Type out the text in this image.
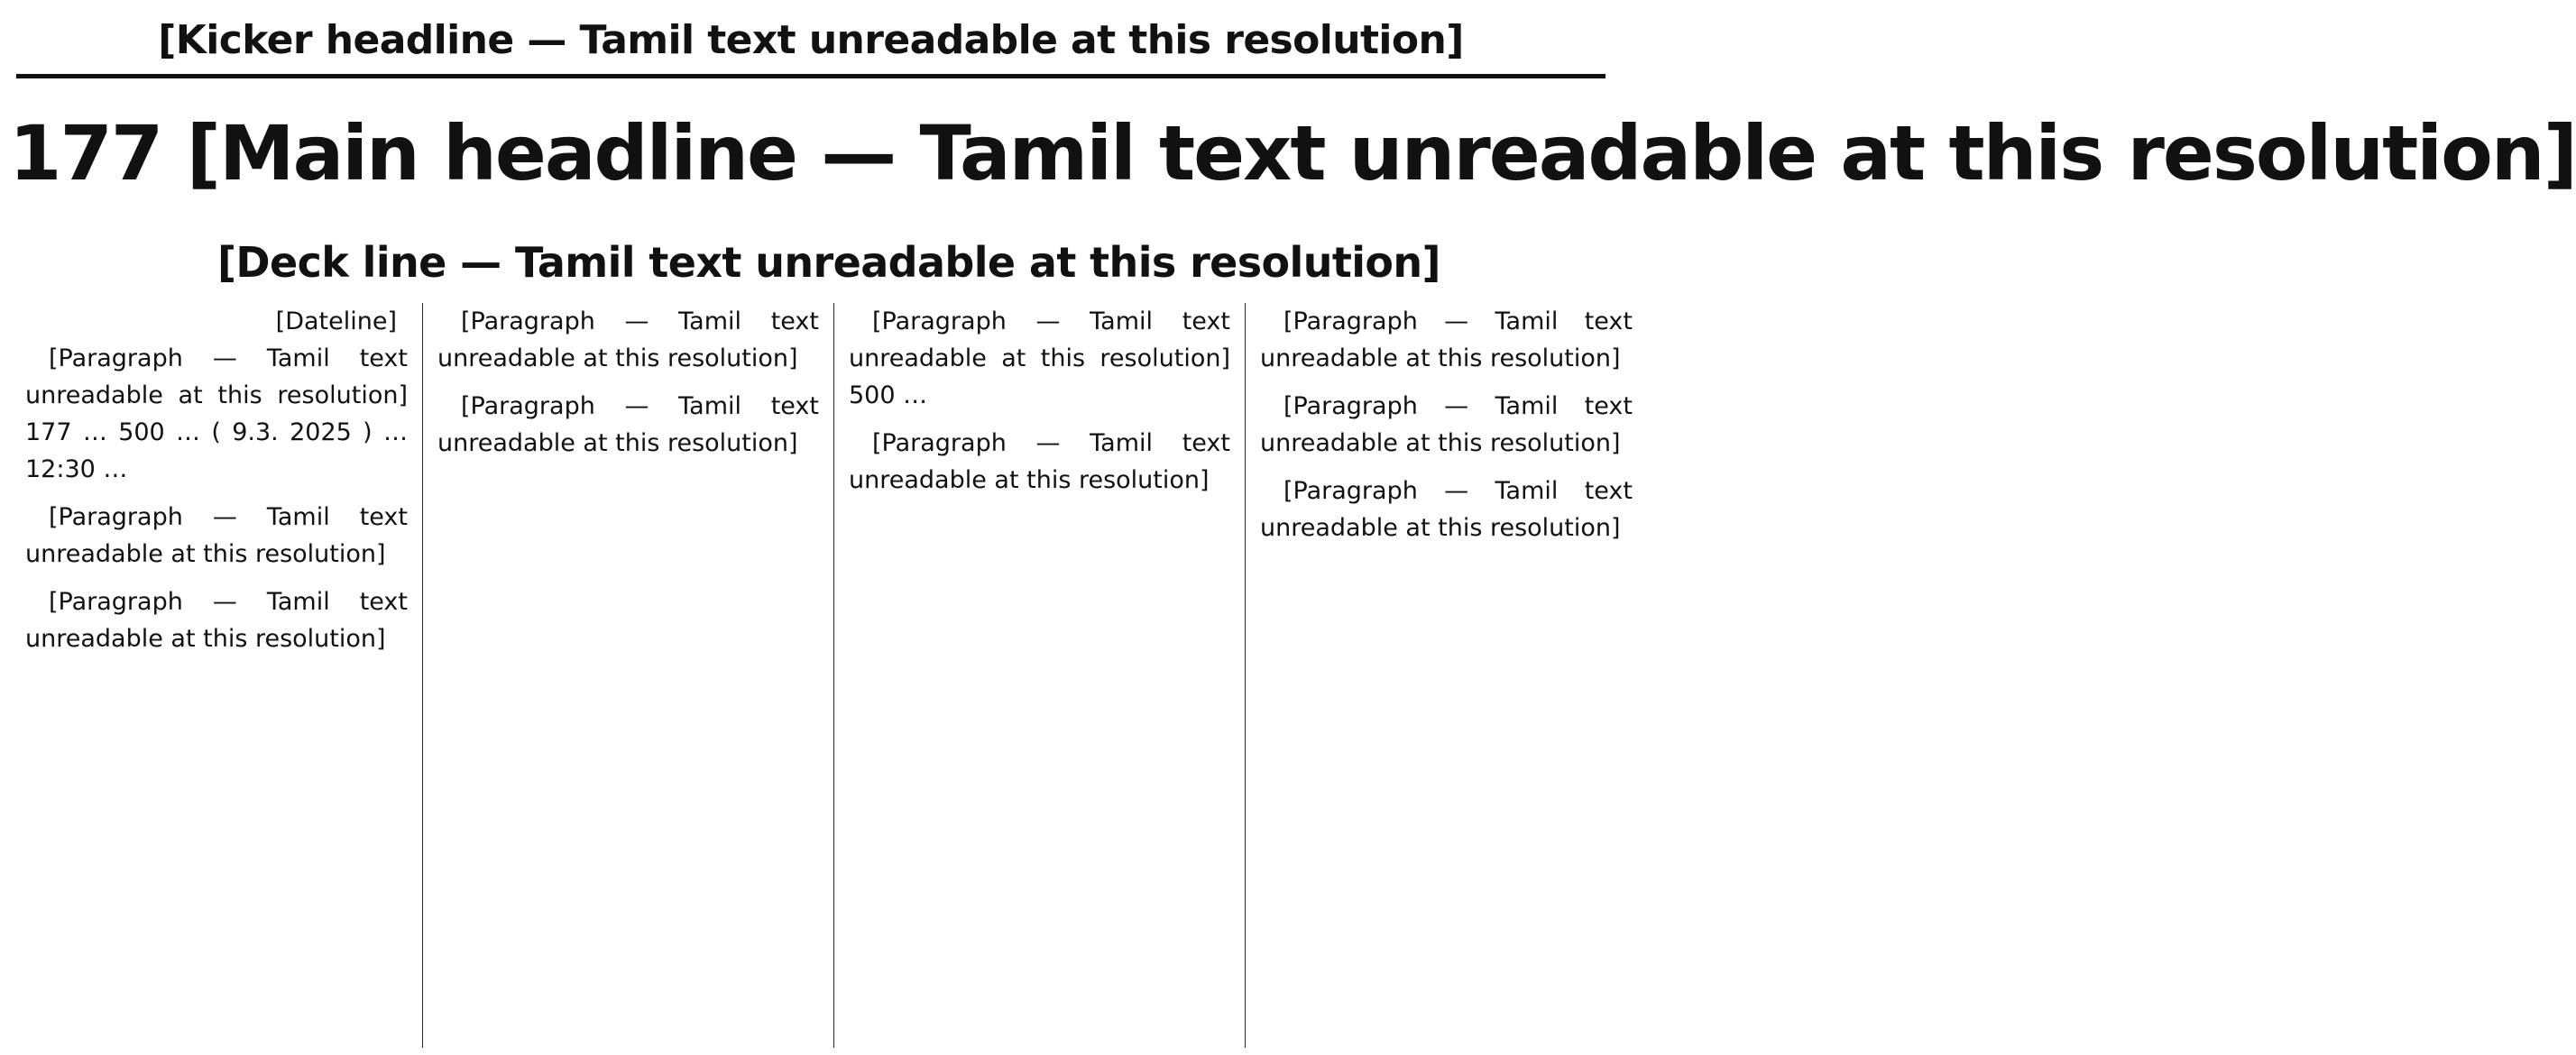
[Kicker headline — Tamil text unreadable at this resolution]
177 [Main headline — Tamil text unreadable at this resolution]
[Deck line — Tamil text unreadable at this resolution]

[Dateline]

[Paragraph — Tamil text unreadable at this resolution] 177 … 500 … ( 9.3. 2025 ) … 12:30 …

[Paragraph — Tamil text unreadable at this resolution]

[Paragraph — Tamil text unreadable at this resolution]

[Paragraph — Tamil text unreadable at this resolution]

[Paragraph — Tamil text unreadable at this resolution]

[Paragraph — Tamil text unreadable at this resolution] 500 …

[Paragraph — Tamil text unreadable at this resolution]

[Paragraph — Tamil text unreadable at this resolution]

[Paragraph — Tamil text unreadable at this resolution]

[Paragraph — Tamil text unreadable at this resolution]
